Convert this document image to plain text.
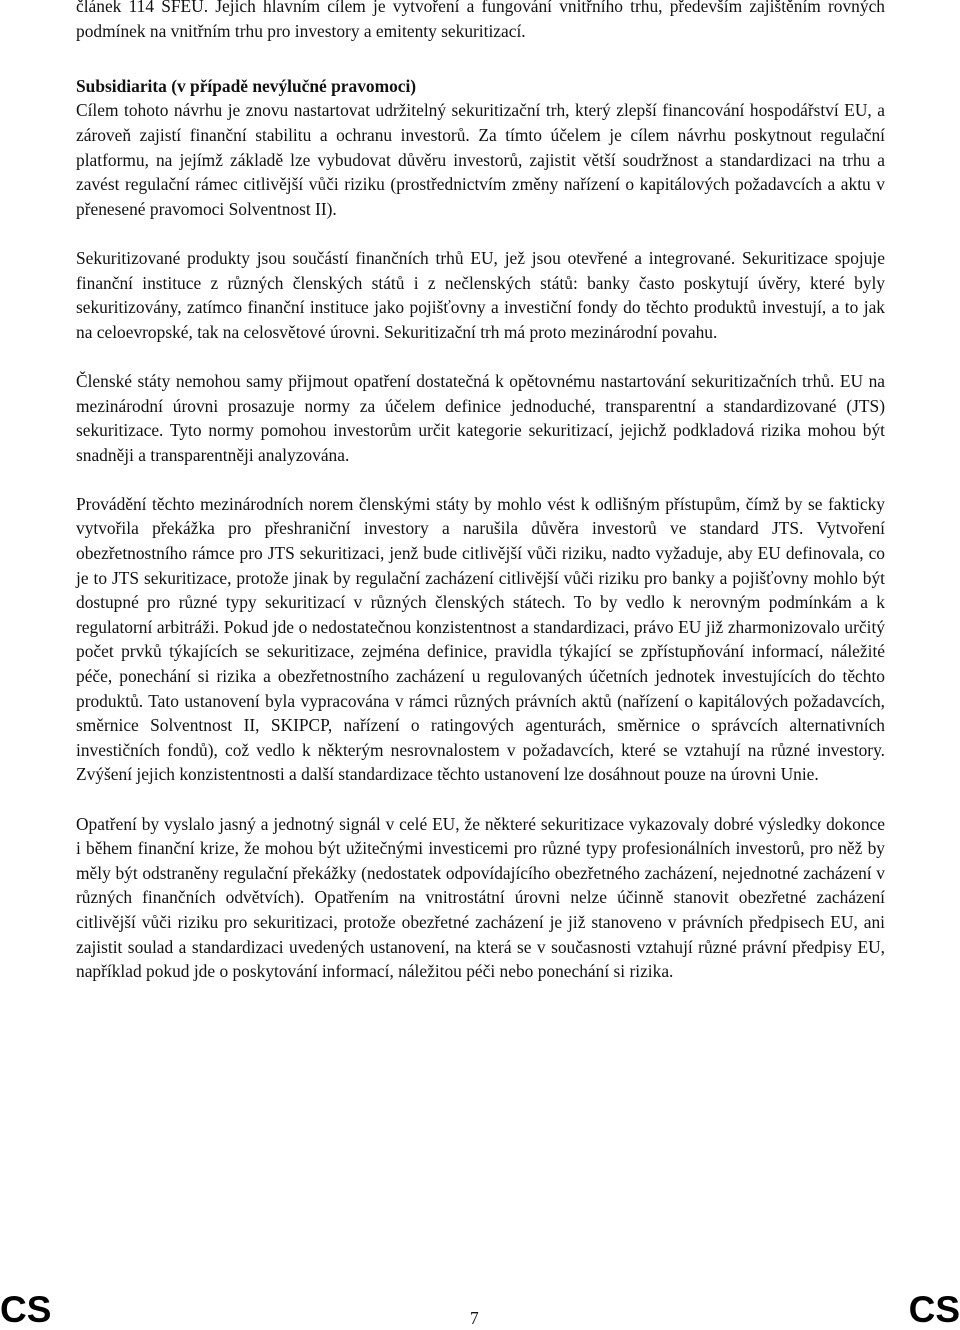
článek 114 SFEU. Jejich hlavním cílem je vytvoření a fungování vnitřního trhu, především zajištěním rovných podmínek na vnitřním trhu pro investory a emitenty sekuritizací.

Subsidiarita (v případě nevýlučné pravomoci)

Cílem tohoto návrhu je znovu nastartovat udržitelný sekuritizační trh, který zlepší financování hospodářství EU, a zároveň zajistí finanční stabilitu a ochranu investorů. Za tímto účelem je cílem návrhu poskytnout regulační platformu, na jejímž základě lze vybudovat důvěru investorů, zajistit větší soudržnost a standardizaci na trhu a zavést regulační rámec citlivější vůči riziku (prostřednictvím změny nařízení o kapitálových požadavcích a aktu v přenesené pravomoci Solventnost II).

Sekuritizované produkty jsou součástí finančních trhů EU, jež jsou otevřené a integrované. Sekuritizace spojuje finanční instituce z různých členských států i z nečlenských států: banky často poskytují úvěry, které byly sekuritizovány, zatímco finanční instituce jako pojišťovny a investiční fondy do těchto produktů investují, a to jak na celoevropské, tak na celosvětové úrovni. Sekuritizační trh má proto mezinárodní povahu.

Členské státy nemohou samy přijmout opatření dostatečná k opětovnému nastartování sekuritizačních trhů. EU na mezinárodní úrovni prosazuje normy za účelem definice jednoduché, transparentní a standardizované (JTS) sekuritizace. Tyto normy pomohou investorům určit kategorie sekuritizací, jejichž podkladová rizika mohou být snadněji a transparentněji analyzována.

Provádění těchto mezinárodních norem členskými státy by mohlo vést k odlišným přístupům, čímž by se fakticky vytvořila překážka pro přeshraniční investory a narušila důvěra investorů ve standard JTS. Vytvoření obezřetnostního rámce pro JTS sekuritizaci, jenž bude citlivější vůči riziku, nadto vyžaduje, aby EU definovala, co je to JTS sekuritizace, protože jinak by regulační zacházení citlivější vůči riziku pro banky a pojišťovny mohlo být dostupné pro různé typy sekuritizací v různých členských státech. To by vedlo k nerovným podmínkám a k regulatorní arbitráži. Pokud jde o nedostatečnou konzistentnost a standardizaci, právo EU již zharmonizovalo určitý počet prvků týkajících se sekuritizace, zejména definice, pravidla týkající se zpřístupňování informací, náležité péče, ponechání si rizika a obezřetnostního zacházení u regulovaných účetních jednotek investujících do těchto produktů. Tato ustanovení byla vypracována v rámci různých právních aktů (nařízení o kapitálových požadavcích, směrnice Solventnost II, SKIPCP, nařízení o ratingových agenturách, směrnice o správcích alternativních investičních fondů), což vedlo k některým nesrovnalostem v požadavcích, které se vztahují na různé investory. Zvýšení jejich konzistentnosti a další standardizace těchto ustanovení lze dosáhnout pouze na úrovni Unie.

Opatření by vyslalo jasný a jednotný signál v celé EU, že některé sekuritizace vykazovaly dobré výsledky dokonce i během finanční krize, že mohou být užitečnými investicemi pro různé typy profesionálních investorů, pro něž by měly být odstraněny regulační překážky (nedostatek odpovídajícího obezřetného zacházení, nejednotné zacházení v různých finančních odvětvích). Opatřením na vnitrostátní úrovni nelze účinně stanovit obezřetné zacházení citlivější vůči riziku pro sekuritizaci, protože obezřetné zacházení je již stanoveno v právních předpisech EU, ani zajistit soulad a standardizaci uvedených ustanovení, na která se v současnosti vztahují různé právní předpisy EU, například pokud jde o poskytování informací, náležitou péči nebo ponechání si rizika.

CS	7	CS
